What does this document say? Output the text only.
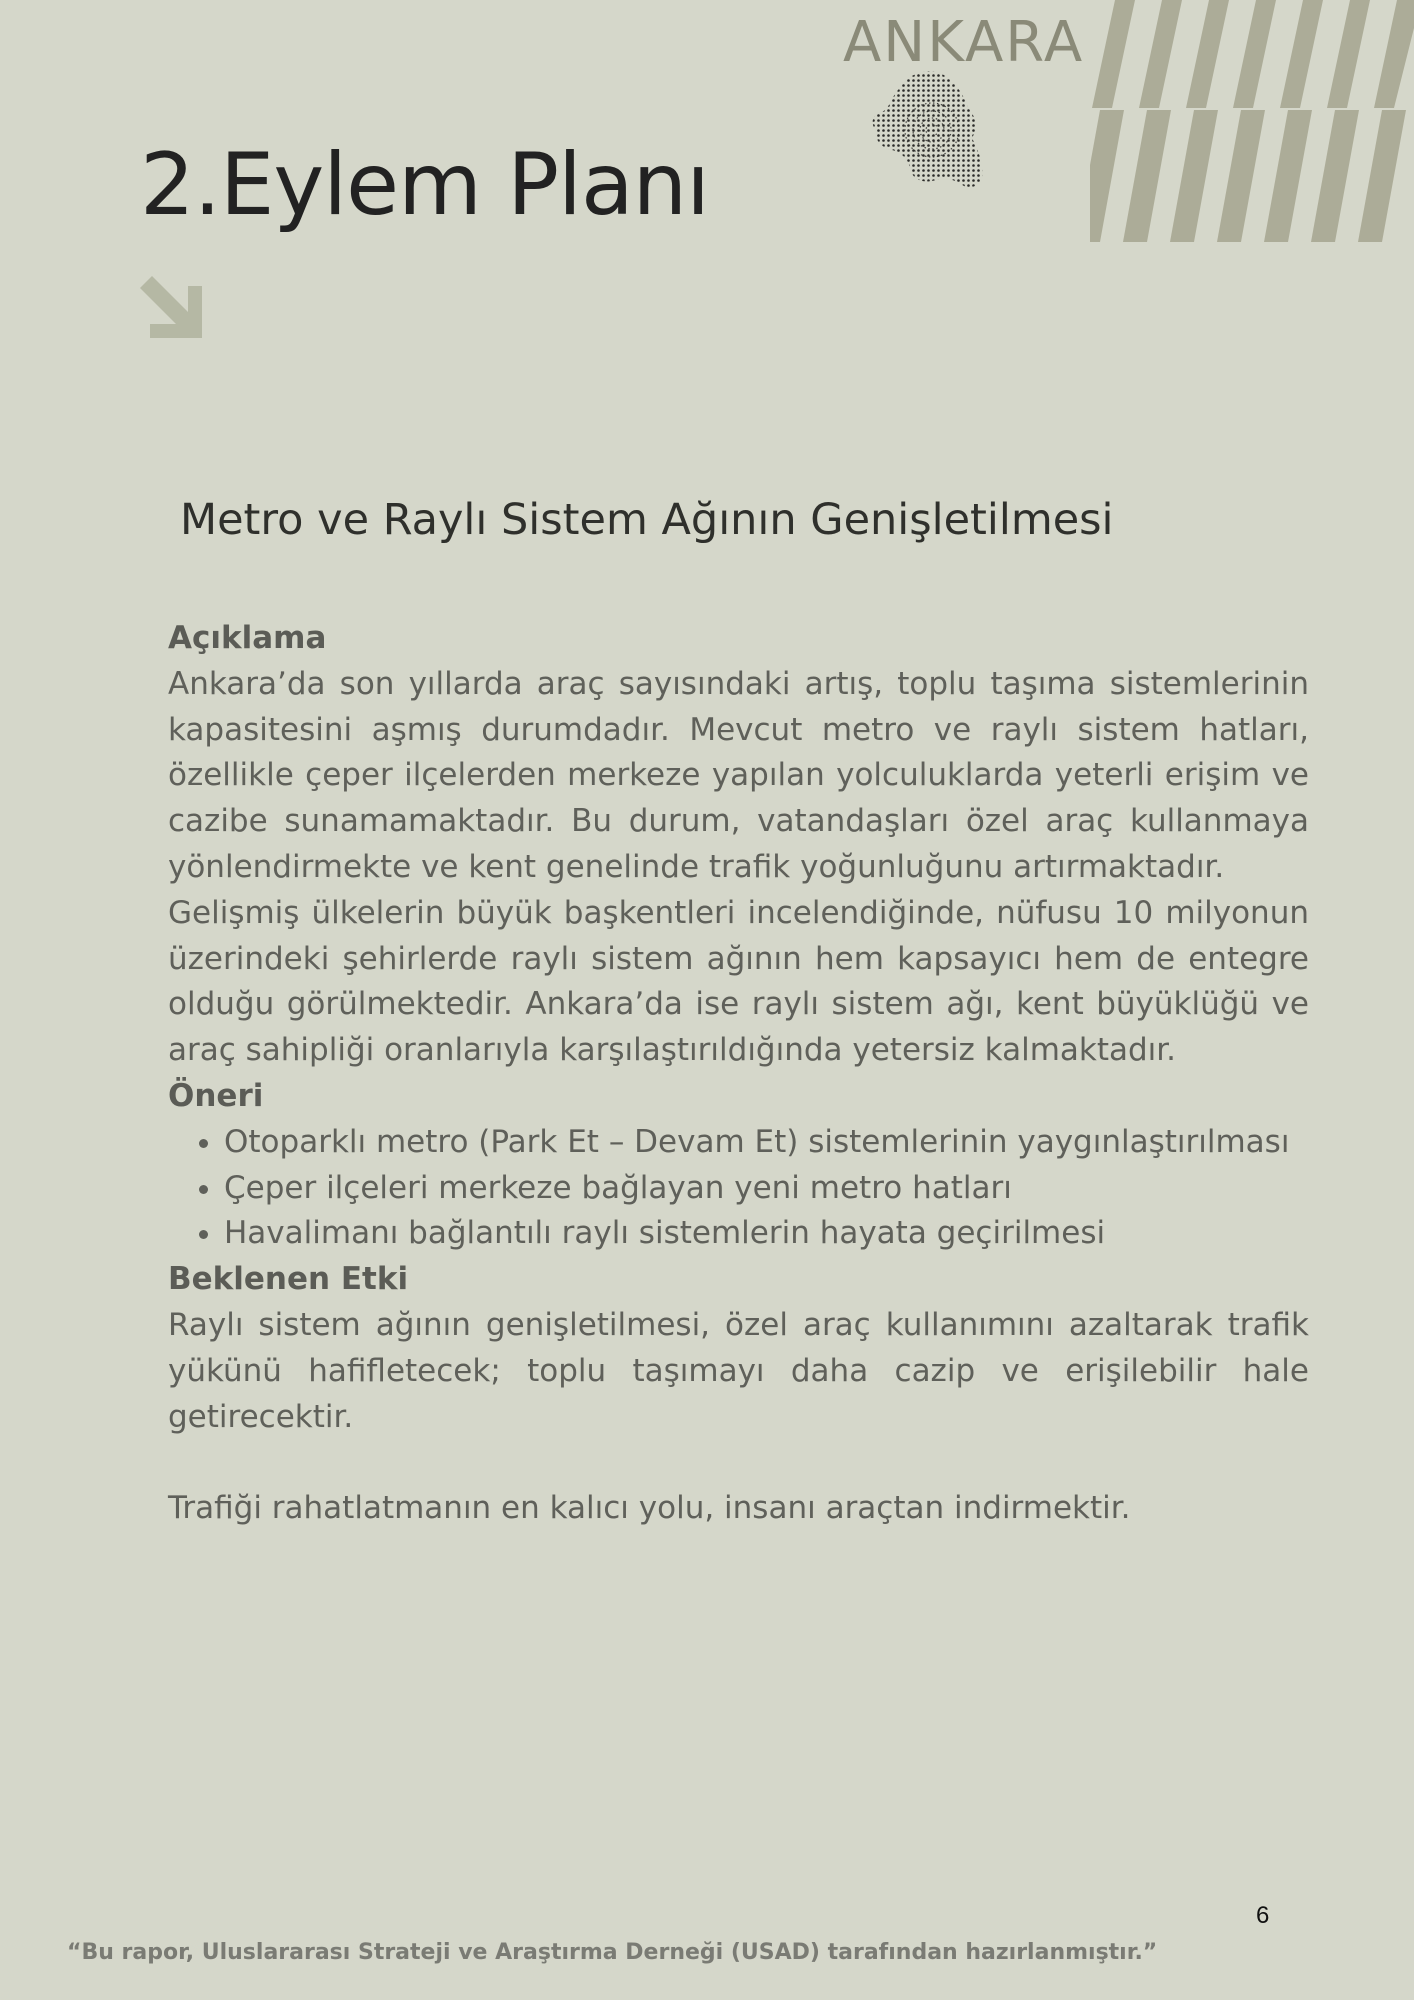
ANKARA
2.Eylem Planı
Metro ve Raylı Sistem Ağının Genişletilmesi
Açıklama

Ankara’da son yıllarda araç sayısındaki artış, toplu taşıma sistemlerinin kapasitesini aşmış durumdadır. Mevcut metro ve raylı sistem hatları, özellikle çeper ilçelerden merkeze yapılan yolculuklarda yeterli erişim ve cazibe sunamamaktadır. Bu durum, vatandaşları özel araç kullanmaya yönlendirmekte ve kent genelinde trafik yoğunluğunu artırmaktadır.

Gelişmiş ülkelerin büyük başkentleri incelendiğinde, nüfusu 10 milyonun üzerindeki şehirlerde raylı sistem ağının hem kapsayıcı hem de entegre olduğu görülmektedir. Ankara’da ise raylı sistem ağı, kent büyüklüğü ve araç sahipliği oranlarıyla karşılaştırıldığında yetersiz kalmaktadır.

Öneri
• Otoparklı metro (Park Et – Devam Et) sistemlerinin yaygınlaştırılması
• Çeper ilçeleri merkeze bağlayan yeni metro hatları
• Havalimanı bağlantılı raylı sistemlerin hayata geçirilmesi
Beklenen Etki

Raylı sistem ağının genişletilmesi, özel araç kullanımını azaltarak trafik yükünü hafifletecek; toplu taşımayı daha cazip ve erişilebilir hale getirecektir.

Trafiği rahatlatmanın en kalıcı yolu, insanı araçtan indirmektir.

6
“Bu rapor, Uluslararası Strateji ve Araştırma Derneği (USAD) tarafından hazırlanmıştır.”
